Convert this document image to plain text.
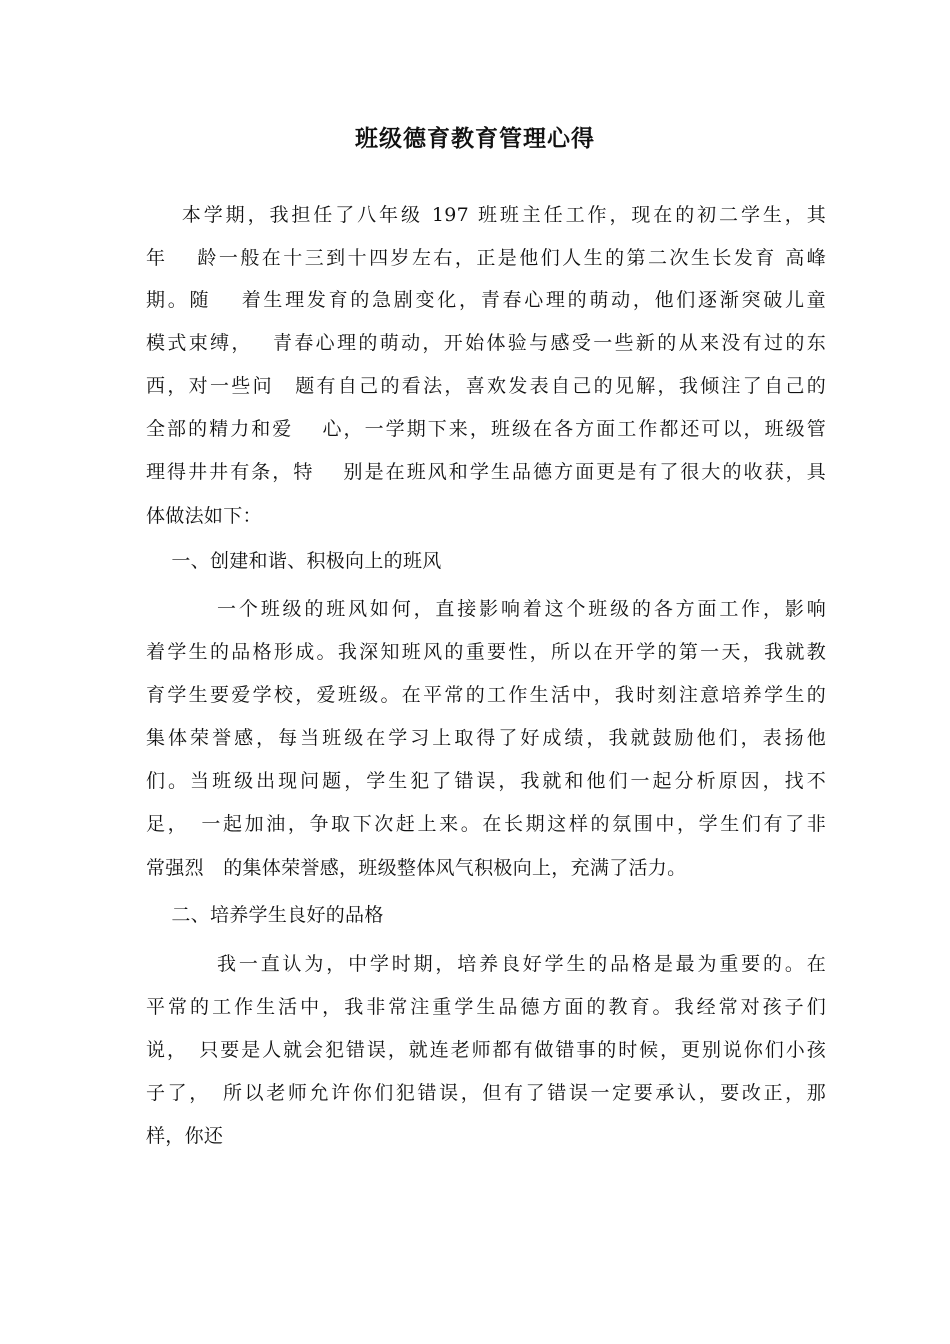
班级德育教育管理心得
本学期，我担任了八年级 197 班班主任工作，现在的初二学生，其
年　 龄一般在十三到十四岁左右，正是他们人生的第二次生长发育 高峰
期。随　 着生理发育的急剧变化，青春心理的萌动，他们逐渐突破儿童
模式束缚，　 青春心理的萌动，开始体验与感受一些新的从来没有过的东
西，对一些问　题有自己的看法，喜欢发表自己的见解，我倾注了自己的
全部的精力和爱　 心，一学期下来，班级在各方面工作都还可以，班级管
理得井井有条，特　 别是在班风和学生品德方面更是有了很大的收获，具
体做法如下：
一、创建和谐、积极向上的班风
一个班级的班风如何，直接影响着这个班级的各方面工作，影响
着学生的品格形成。我深知班风的重要性，所以在开学的第一天，我就教
育学生要爱学校，爱班级。在平常的工作生活中，我时刻注意培养学生的
集体荣誉感，每当班级在学习上取得了好成绩，我就鼓励他们，表扬他
们。当班级出现问题，学生犯了错误，我就和他们一起分析原因，找不
足，　一起加油，争取下次赶上来。在长期这样的氛围中，学生们有了非
常强烈　的集体荣誉感，班级整体风气积极向上，充满了活力。
二、培养学生良好的品格
我一直认为，中学时期，培养良好学生的品格是最为重要的。在
平常的工作生活中，我非常注重学生品德方面的教育。我经常对孩子们
说，　只要是人就会犯错误，就连老师都有做错事的时候，更别说你们小孩
子了，　所以老师允许你们犯错误，但有了错误一定要承认，要改正，那
样，你还
